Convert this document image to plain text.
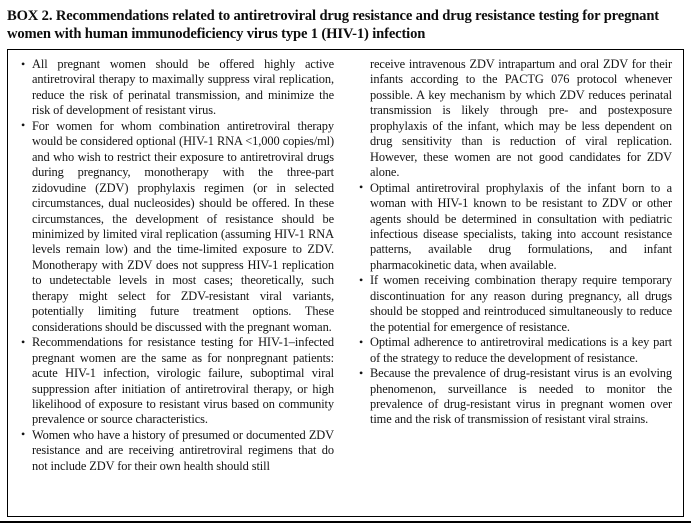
BOX 2. Recommendations related to antiretroviral drug resistance and drug resistance testing for pregnant women with human immunodeficiency virus type 1 (HIV-1) infection
• All pregnant women should be offered highly active antiretroviral therapy to maximally suppress viral replication, reduce the risk of perinatal transmission, and minimize the risk of development of resistant virus.
• For women for whom combination antiretroviral therapy would be considered optional (HIV-1 RNA <1,000 copies/ml) and who wish to restrict their exposure to antiretroviral drugs during pregnancy, monotherapy with the three-part zidovudine (ZDV) prophylaxis regimen (or in selected circumstances, dual nucleosides) should be offered. In these circumstances, the development of resistance should be minimized by limited viral replication (assuming HIV-1 RNA levels remain low) and the time-limited exposure to ZDV. Monotherapy with ZDV does not suppress HIV-1 replication to undetectable levels in most cases; theoretically, such therapy might select for ZDV-resistant viral variants, potentially limiting future treatment options. These considerations should be discussed with the pregnant woman.
• Recommendations for resistance testing for HIV-1–infected pregnant women are the same as for nonpregnant patients: acute HIV-1 infection, virologic failure, suboptimal viral suppression after initiation of antiretroviral therapy, or high likelihood of exposure to resistant virus based on community prevalence or source characteristics.
• Women who have a history of presumed or documented ZDV resistance and are receiving antiretroviral regimens that do not include ZDV for their own health should still
receive intravenous ZDV intrapartum and oral ZDV for their infants according to the PACTG 076 protocol whenever possible. A key mechanism by which ZDV reduces perinatal transmission is likely through pre- and postexposure prophylaxis of the infant, which may be less dependent on drug sensitivity than is reduction of viral replication. However, these women are not good candidates for ZDV alone.
• Optimal antiretroviral prophylaxis of the infant born to a woman with HIV-1 known to be resistant to ZDV or other agents should be determined in consultation with pediatric infectious disease specialists, taking into account resistance patterns, available drug formulations, and infant pharmacokinetic data, when available.
• If women receiving combination therapy require temporary discontinuation for any reason during pregnancy, all drugs should be stopped and reintroduced simultaneously to reduce the potential for emergence of resistance.
• Optimal adherence to antiretroviral medications is a key part of the strategy to reduce the development of resistance.
• Because the prevalence of drug-resistant virus is an evolving phenomenon, surveillance is needed to monitor the prevalence of drug-resistant virus in pregnant women over time and the risk of transmission of resistant viral strains.
